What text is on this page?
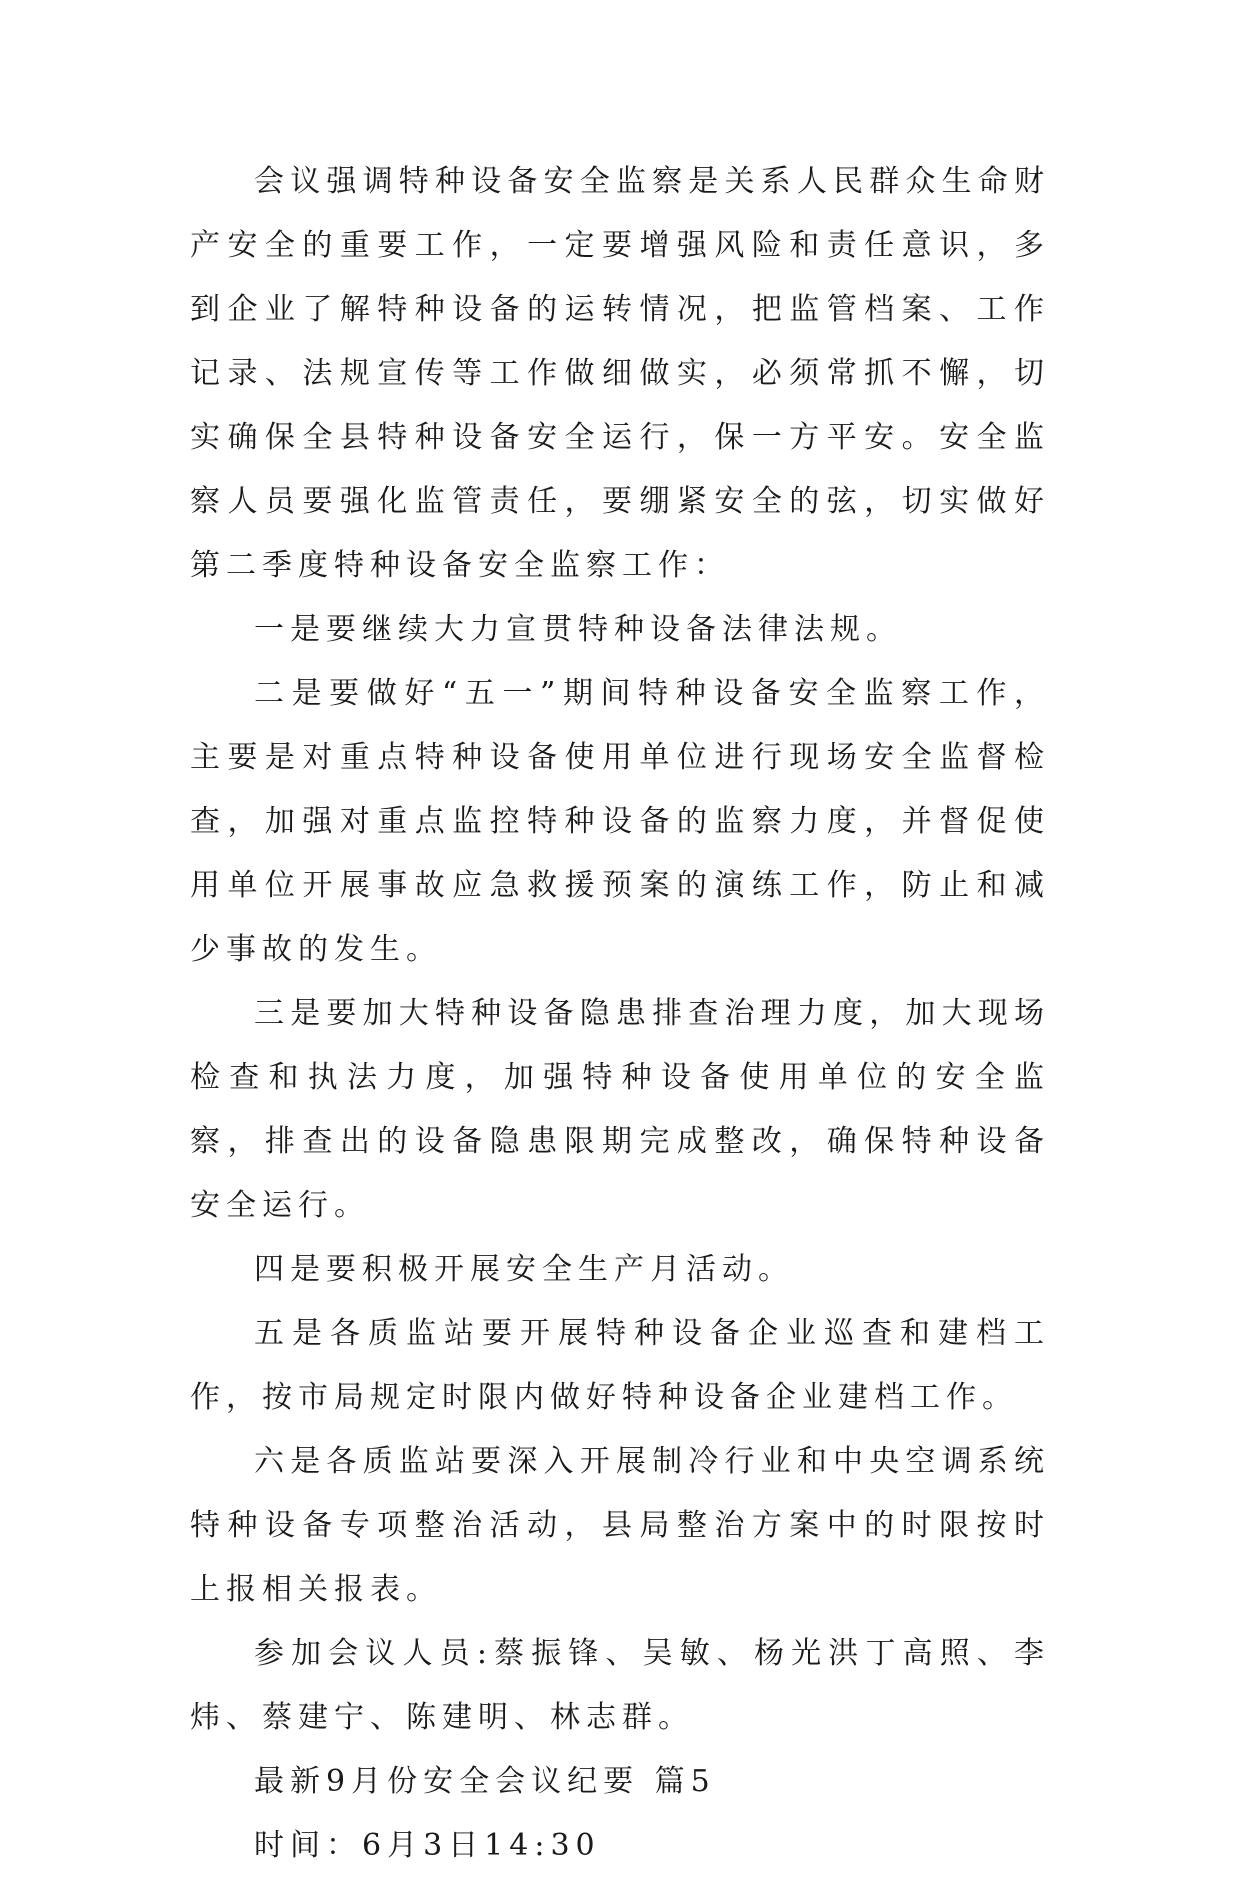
会议强调特种设备安全监察是关系人民群众生命财产安全的重要工作，一定要增强风险和责任意识，多到企业了解特种设备的运转情况，把监管档案、工作记录、法规宣传等工作做细做实，必须常抓不懈，切实确保全县特种设备安全运行，保一方平安。安全监察人员要强化监管责任，要绷紧安全的弦，切实做好第二季度特种设备安全监察工作：

一是要继续大力宣贯特种设备法律法规。

二是要做好“五一”期间特种设备安全监察工作，主要是对重点特种设备使用单位进行现场安全监督检查，加强对重点监控特种设备的监察力度，并督促使用单位开展事故应急救援预案的演练工作，防止和减少事故的发生。

三是要加大特种设备隐患排查治理力度，加大现场检查和执法力度，加强特种设备使用单位的安全监察，排查出的设备隐患限期完成整改，确保特种设备安全运行。

四是要积极开展安全生产月活动。

五是各质监站要开展特种设备企业巡查和建档工作，按市局规定时限内做好特种设备企业建档工作。

六是各质监站要深入开展制冷行业和中央空调系统特种设备专项整治活动，县局整治方案中的时限按时上报相关报表。

参加会议人员:蔡振锋、吴敏、杨光洪丁高照、李炜、蔡建宁、陈建明、林志群。

最新9月份安全会议纪要 篇5

时间：6月3日14:30
